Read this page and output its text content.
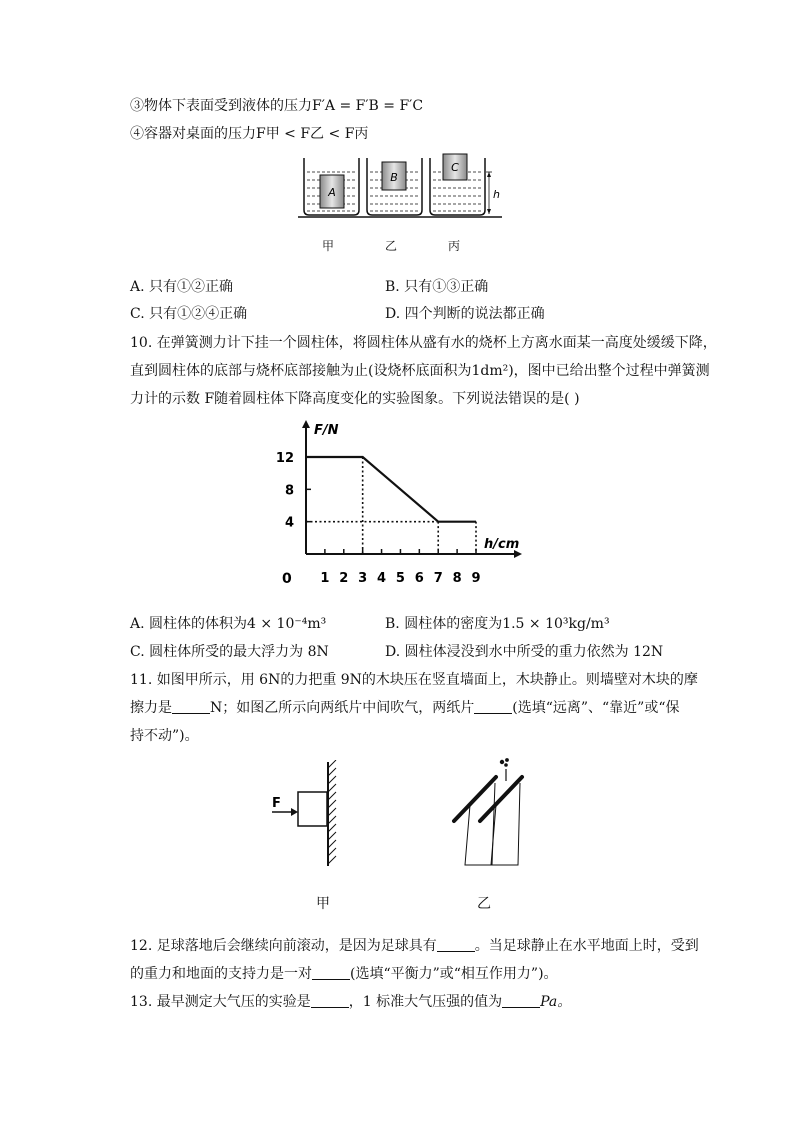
③物体下表面受到液体的压力F′A = F′B = F′C
④容器对桌面的压力F甲 < F乙 < F丙
A
B
C
h
甲	乙	丙
A. 只有①②正确	B. 只有①③正确
C. 只有①②④正确	D. 四个判断的说法都正确
10. 在弹簧测力计下挂一个圆柱体，将圆柱体从盛有水的烧杯上方离水面某一高度处缓缓下降，
直到圆柱体的底部与烧杯底部接触为止(设烧杯底面积为1dm²)，图中已给出整个过程中弹簧测
力计的示数 F随着圆柱体下降高度变化的实验图象。下列说法错误的是( )
1 2 3 4 5 6 7 8 9
4
8
12
F/N
h/cm
0
A. 圆柱体的体积为4 × 10⁻⁴m³	B. 圆柱体的密度为1.5 × 10³kg/m³
C. 圆柱体所受的最大浮力为 8N	D. 圆柱体浸没到水中所受的重力依然为 12N
11. 如图甲所示，用 6N的力把重 9N的木块压在竖直墙面上，木块静止。则墙壁对木块的摩
擦力是	N；如图乙所示向两纸片中间吹气，两纸片	(选填“远离”、“靠近”或“保
持不动”)。
F
甲	乙
12. 足球落地后会继续向前滚动，是因为足球具有	。当足球静止在水平地面上时，受到
的重力和地面的支持力是一对	(选填“平衡力”或“相互作用力”)。
13. 最早测定大气压的实验是	，1 标准大气压强的值为	Pa。
